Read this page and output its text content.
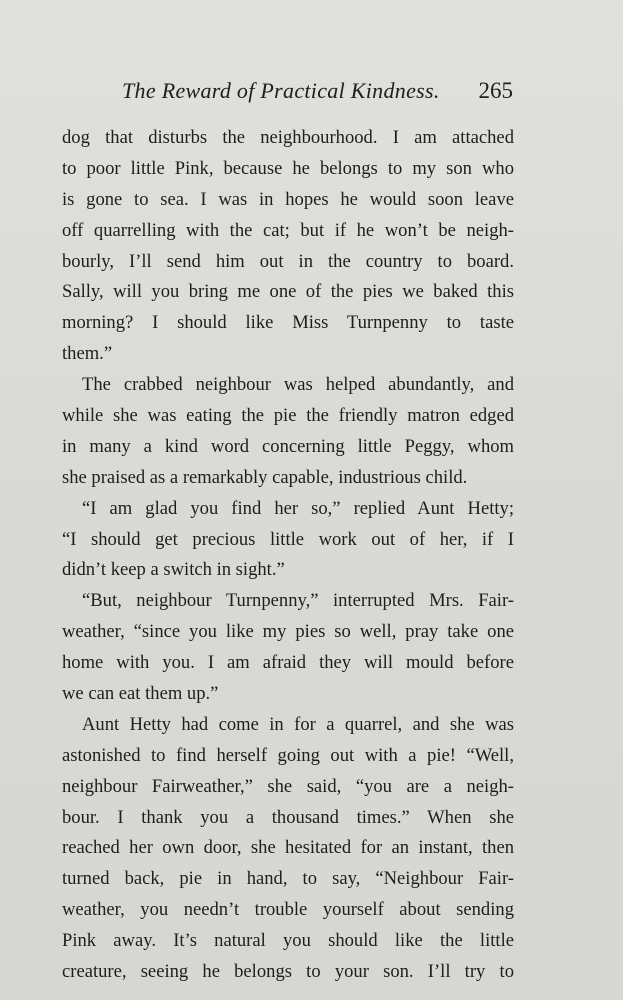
The Reward of Practical Kindness. 265
dog that disturbs the neighbourhood. I am attached
to poor little Pink, because he belongs to my son who
is gone to sea. I was in hopes he would soon leave
off quarrelling with the cat; but if he won’t be neigh-
bourly, I’ll send him out in the country to board.
Sally, will you bring me one of the pies we baked this
morning? I should like Miss Turnpenny to taste
them.”
The crabbed neighbour was helped abundantly, and
while she was eating the pie the friendly matron edged
in many a kind word concerning little Peggy, whom
she praised as a remarkably capable, industrious child.
“I am glad you find her so,” replied Aunt Hetty;
“I should get precious little work out of her, if I
didn’t keep a switch in sight.”
“But, neighbour Turnpenny,” interrupted Mrs. Fair-
weather, “since you like my pies so well, pray take one
home with you. I am afraid they will mould before
we can eat them up.”
Aunt Hetty had come in for a quarrel, and she was
astonished to find herself going out with a pie! “Well,
neighbour Fairweather,” she said, “you are a neigh-
bour. I thank you a thousand times.” When she
reached her own door, she hesitated for an instant, then
turned back, pie in hand, to say, “Neighbour Fair-
weather, you needn’t trouble yourself about sending
Pink away. It’s natural you should like the little
creature, seeing he belongs to your son. I’ll try to
